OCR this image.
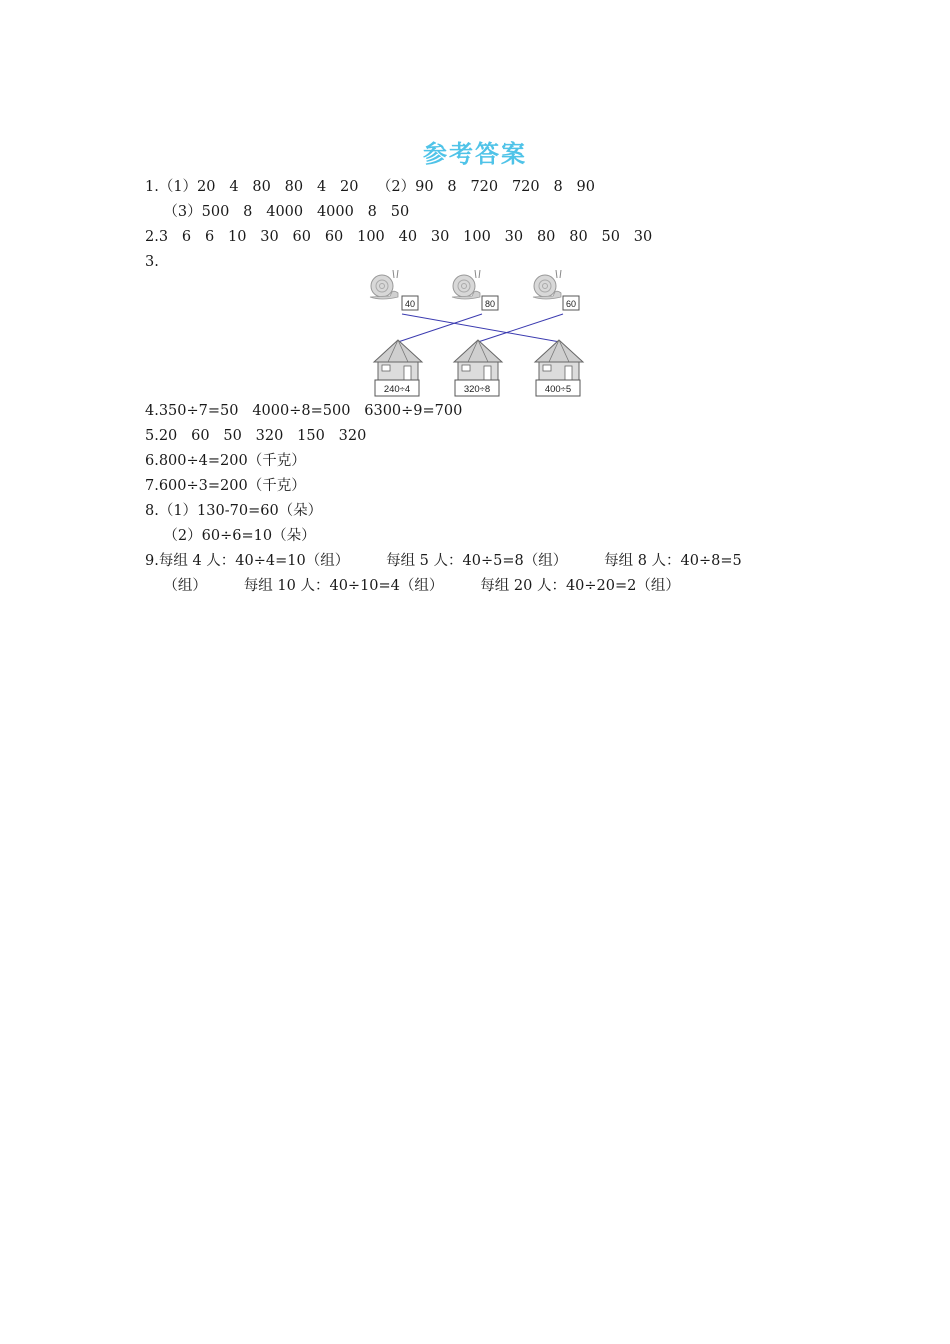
参考答案
1.（1）20   4   80   80   4   20    （2）90   8   720   720   8   90
（3）500   8   4000   4000   8   50
2.3   6   6   10   30   60   60   100   40   30   100   30   80   80   50   30
3.
40	80	60
240÷4	320÷8	400÷5
4.350÷7=50   4000÷8=500   6300÷9=700
5.20   60   50   320   150   320
6.800÷4=200（千克）
7.600÷3=200（千克）
8.（1）130-70=60（朵）
（2）60÷6=10（朵）
9.每组 4 人：40÷4=10（组）        每组 5 人：40÷5=8（组）        每组 8 人：40÷8=5
（组）        每组 10 人：40÷10=4（组）        每组 20 人：40÷20=2（组）
